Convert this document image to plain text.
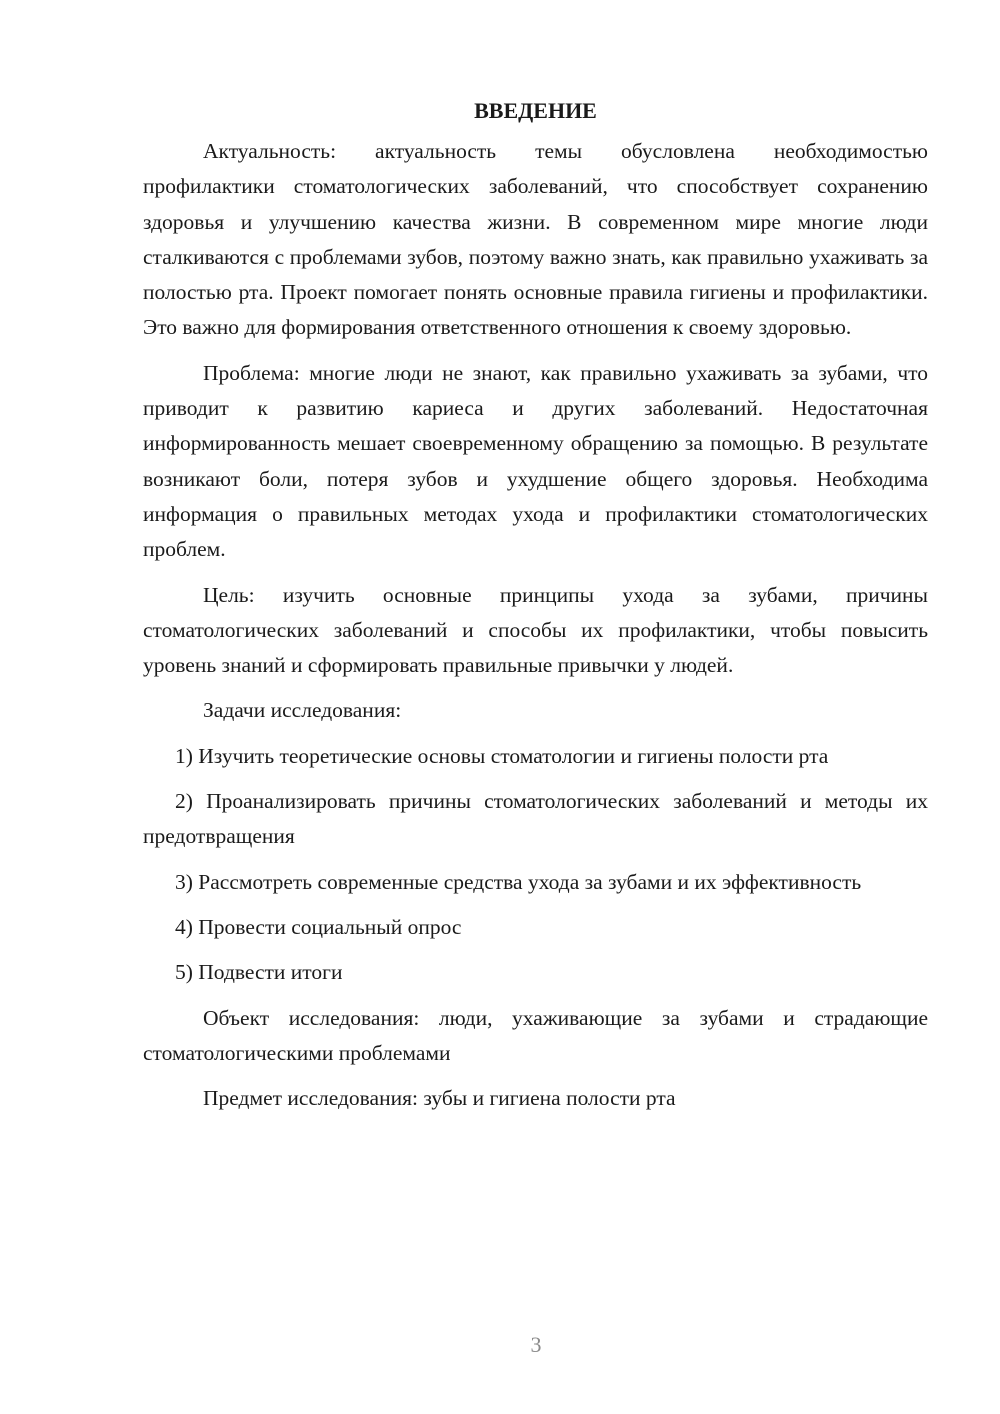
ВВЕДЕНИЕ

Актуальность: актуальность темы обусловлена необходимостью профилактики стоматологических заболеваний, что способствует сохранению здоровья и улучшению качества жизни. В современном мире многие люди сталкиваются с проблемами зубов, поэтому важно знать, как правильно ухаживать за полостью рта. Проект помогает понять основные правила гигиены и профилактики. Это важно для формирования ответственного отношения к своему здоровью.

Проблема: многие люди не знают, как правильно ухаживать за зубами, что приводит к развитию кариеса и других заболеваний. Недостаточная информированность мешает своевременному обращению за помощью. В результате возникают боли, потеря зубов и ухудшение общего здоровья. Необходима информация о правильных методах ухода и профилактики стоматологических проблем.

Цель: изучить основные принципы ухода за зубами, причины стоматологических заболеваний и способы их профилактики, чтобы повысить уровень знаний и сформировать правильные привычки у людей.

Задачи исследования:

1) Изучить теоретические основы стоматологии и гигиены полости рта

2) Проанализировать причины стоматологических заболеваний и методы их предотвращения

3) Рассмотреть современные средства ухода за зубами и их эффективность

4) Провести социальный опрос

5) Подвести итоги

Объект исследования: люди, ухаживающие за зубами и страдающие стоматологическими проблемами

Предмет исследования: зубы и гигиена полости рта

3
